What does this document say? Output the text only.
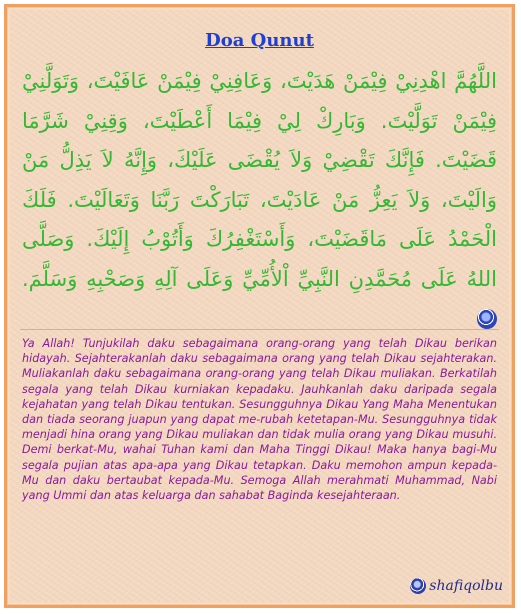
Doa Qunut
اللَّهُمَّ اهْدِنِيْ فِيْمَنْ هَدَيْتَ، وَعَافِنِيْ فِيْمَنْ عَافَيْتَ، وَتَوَلَّنِيْ فِيْمَنْ تَوَلَّيْتَ. وَبَارِكْ لِيْ فِيْمَا أَعْطَيْتَ، وَقِنِيْ شَرَّمَا قَضَيْتَ. فَإِنَّكَ تَقْضِيْ وَلاَ يُقْضَى عَلَيْكَ، وَإِنَّهُ لاَ يَذِلُّ مَنْ وَالَيْتَ، وَلاَ يَعِزُّ مَنْ عَادَيْتَ، تَبَارَكْتَ رَبَّنَا وَتَعَالَيْتَ. فَلَكَ الْحَمْدُ عَلَى مَاقَضَيْتَ، وَأَسْتَغْفِرُكَ وَأَتُوْبُ إِلَيْكَ. وَصَلَّى اللهُ عَلَى مُحَمَّدِنِ النَّبِيِّ اْلأُمِّيِّ وَعَلَى آلِهِ وَصَحْبِهِ وَسَلَّمَ.
Ya Allah! Tunjukilah daku sebagaimana orang-orang yang telah Dikau berikan hidayah. Sejahterakanlah daku sebagaimana orang yang telah Dikau sejahterakan. Muliakanlah daku sebagaimana orang-orang yang telah Dikau muliakan. Berkatilah segala yang telah Dikau kurniakan kepadaku. Jauhkanlah daku daripada segala kejahatan yang telah Dikau tentukan. Sesungguhnya Dikau Yang Maha Menentukan dan tiada seorang juapun yang dapat me-rubah ketetapan-Mu. Sesungguhnya tidak menjadi hina orang yang Dikau muliakan dan tidak mulia orang yang Dikau musuhi. Demi berkat-Mu, wahai Tuhan kami dan Maha Tinggi Dikau! Maka hanya bagi-Mu segala pujian atas apa-apa yang Dikau tetapkan. Daku memohon ampun kepada-Mu dan daku bertaubat kepada-Mu. Semoga Allah merahmati Muhammad, Nabi yang Ummi dan atas keluarga dan sahabat Baginda kesejahteraan.
shafiqolbu
